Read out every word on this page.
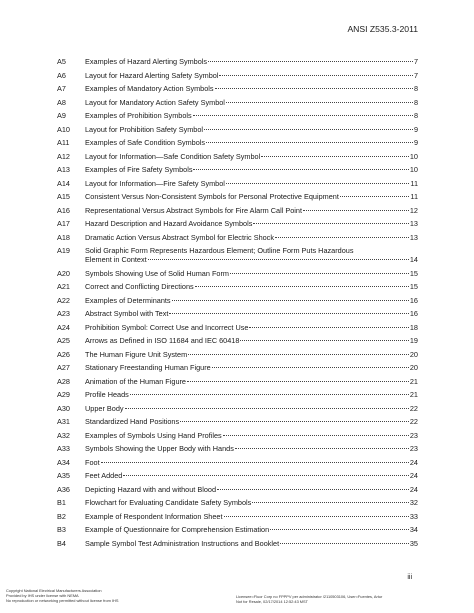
ANSI Z535.3-2011
A5	Examples of Hazard Alerting Symbols	7
A6	Layout for Hazard Alerting Safety Symbol	7
A7	Examples of Mandatory Action Symbols	8
A8	Layout for Mandatory Action Safety Symbol	8
A9	Examples of Prohibition Symbols	8
A10	Layout for Prohibition Safety Symbol	9
A11	Examples of Safe Condition Symbols	9
A12	Layout for Information—Safe Condition Safety Symbol	10
A13	Examples of Fire Safety Symbols	10
A14	Layout for Information—Fire Safety Symbol	11
A15	Consistent Versus Non-Consistent Symbols for Personal Protective Equipment	11
A16	Representational Versus Abstract Symbols for Fire Alarm Call Point	12
A17	Hazard Description and Hazard Avoidance Symbols	13
A18	Dramatic Action Versus Abstract Symbol for Electric Shock	13
A19	Solid Graphic Form Represents Hazardous Element; Outline Form Puts Hazardous
Element in Context	14
A20	Symbols Showing Use of Solid Human Form	15
A21	Correct and Conflicting Directions	15
A22	Examples of Determinants	16
A23	Abstract Symbol with Text	16
A24	Prohibition Symbol: Correct Use and Incorrect Use	18
A25	Arrows as Defined in ISO 11684 and IEC 60418	19
A26	The Human Figure Unit System	20
A27	Stationary Freestanding Human Figure	20
A28	Animation of the Human Figure	21
A29	Profile Heads	21
A30	Upper Body	22
A31	Standardized Hand Positions	22
A32	Examples of Symbols Using Hand Profiles	23
A33	Symbols Showing the Upper Body with Hands	23
A34	Foot	24
A35	Feet Added	24
A36	Depicting Hazard with and without Blood	24
B1	Flowchart for Evaluating Candidate Safety Symbols	32
B2	Example of Respondent Information Sheet	33
B3	Example of Questionnaire for Comprehension Estimation	34
B4	Sample Symbol Test Administration Instructions and Booklet	35
iii
Copyright National Electrical Manufacturers Association
Provided by IHS under license with NEMA
No reproduction or networking permitted without license from IHS
Licensee=Fluor Corp no FPPPV per administrator /2110503106, User=Fuentes, Artur
Not for Resale, 02/17/2014 12:52:43 MST
